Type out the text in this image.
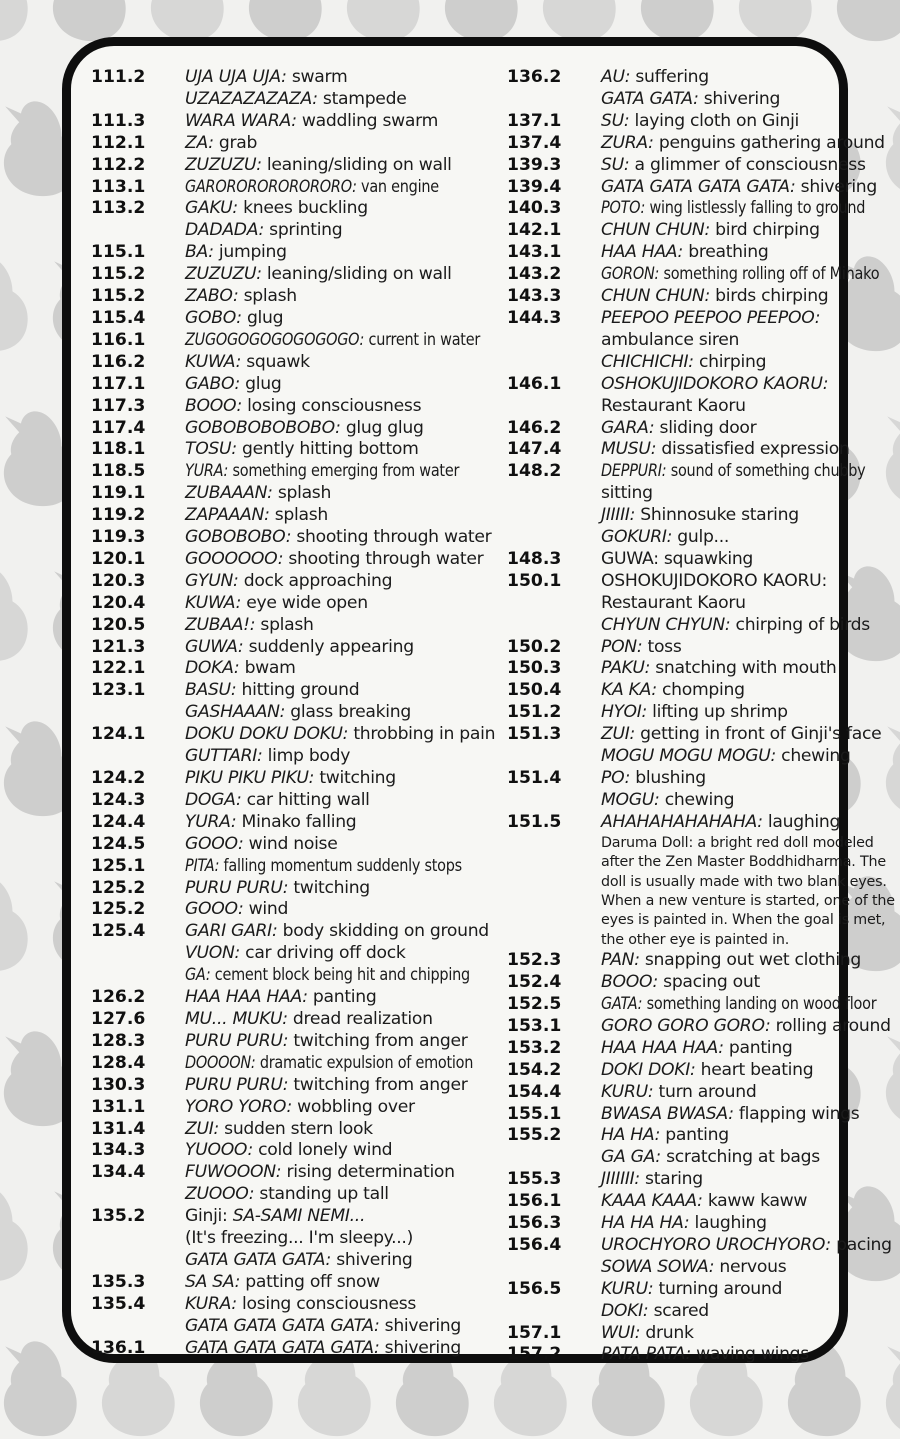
111.2 UJA UJA UJA: swarm
UZAZAZAZAZA: stampede
111.3 WARA WARA: waddling swarm
112.1 ZA: grab
112.2 ZUZUZU: leaning/sliding on wall
113.1 GARORORORORORORO: van engine
113.2 GAKU: knees buckling
DADADA: sprinting
115.1 BA: jumping
115.2 ZUZUZU: leaning/sliding on wall
115.2 ZABO: splash
115.4 GOBO: glug
116.1 ZUGOGOGOGOGOGOGO: current in water
116.2 KUWA: squawk
117.1 GABO: glug
117.3 BOOO: losing consciousness
117.4 GOBOBOBOBOBO: glug glug
118.1 TOSU: gently hitting bottom
118.5 YURA: something emerging from water
119.1 ZUBAAAN: splash
119.2 ZAPAAAN: splash
119.3 GOBOBOBO: shooting through water
120.1 GOOOOOO: shooting through water
120.3 GYUN: dock approaching
120.4 KUWA: eye wide open
120.5 ZUBAA!: splash
121.3 GUWA: suddenly appearing
122.1 DOKA: bwam
123.1 BASU: hitting ground
GASHAAAN: glass breaking
124.1 DOKU DOKU DOKU: throbbing in pain
GUTTARI: limp body
124.2 PIKU PIKU PIKU: twitching
124.3 DOGA: car hitting wall
124.4 YURA: Minako falling
124.5 GOOO: wind noise
125.1 PITA: falling momentum suddenly stops
125.2 PURU PURU: twitching
125.2 GOOO: wind
125.4 GARI GARI: body skidding on ground
VUON: car driving off dock
GA: cement block being hit and chipping
126.2 HAA HAA HAA: panting
127.6 MU... MUKU: dread realization
128.3 PURU PURU: twitching from anger
128.4 DOOOON: dramatic expulsion of emotion
130.3 PURU PURU: twitching from anger
131.1 YORO YORO: wobbling over
131.4 ZUI: sudden stern look
134.3 YUOOO: cold lonely wind
134.4 FUWOOON: rising determination
ZUOOO: standing up tall
135.2 Ginji: SA-SAMI NEMI...
(It's freezing... I'm sleepy...)
GATA GATA GATA: shivering
135.3 SA SA: patting off snow
135.4 KURA: losing consciousness
GATA GATA GATA GATA: shivering
136.1 GATA GATA GATA GATA: shivering
136.2 AU: suffering
GATA GATA: shivering
137.1 SU: laying cloth on Ginji
137.4 ZURA: penguins gathering around
139.3 SU: a glimmer of consciousness
139.4 GATA GATA GATA GATA: shivering
140.3 POTO: wing listlessly falling to ground
142.1 CHUN CHUN: bird chirping
143.1 HAA HAA: breathing
143.2 GORON: something rolling off of Minako
143.3 CHUN CHUN: birds chirping
144.3 PEEPOO PEEPOO PEEPOO:
ambulance siren
CHICHICHI: chirping
146.1 OSHOKUJIDOKORO KAORU:
Restaurant Kaoru
146.2 GARA: sliding door
147.4 MUSU: dissatisfied expression
148.2 DEPPURI: sound of something chubby
sitting
JIIIII: Shinnosuke staring
GOKURI: gulp...
148.3 GUWA: squawking
150.1 OSHOKUJIDOKORO KAORU:
Restaurant Kaoru
CHYUN CHYUN: chirping of birds
150.2 PON: toss
150.3 PAKU: snatching with mouth
150.4 KA KA: chomping
151.2 HYOI: lifting up shrimp
151.3 ZUI: getting in front of Ginji's face
MOGU MOGU MOGU: chewing
151.4 PO: blushing
MOGU: chewing
151.5 AHAHAHAHAHAHA: laughing
Daruma Doll: a bright red doll modeled after the Zen Master Boddhidharma. The doll is usually made with two blank eyes. When a new venture is started, one of the eyes is painted in. When the goal is met, the other eye is painted in.
152.3 PAN: snapping out wet clothing
152.4 BOOO: spacing out
152.5 GATA: something landing on wood floor
153.1 GORO GORO GORO: rolling around
153.2 HAA HAA HAA: panting
154.2 DOKI DOKI: heart beating
154.4 KURU: turn around
155.1 BWASA BWASA: flapping wings
155.2 HA HA: panting
GA GA: scratching at bags
155.3 JIIIIII: staring
156.1 KAAA KAAA: kaww kaww
156.3 HA HA HA: laughing
156.4 UROCHYORO UROCHYORO: pacing
SOWA SOWA: nervous
156.5 KURU: turning around
DOKI: scared
157.1 WUI: drunk
157.2 PATA PATA: waving wings
